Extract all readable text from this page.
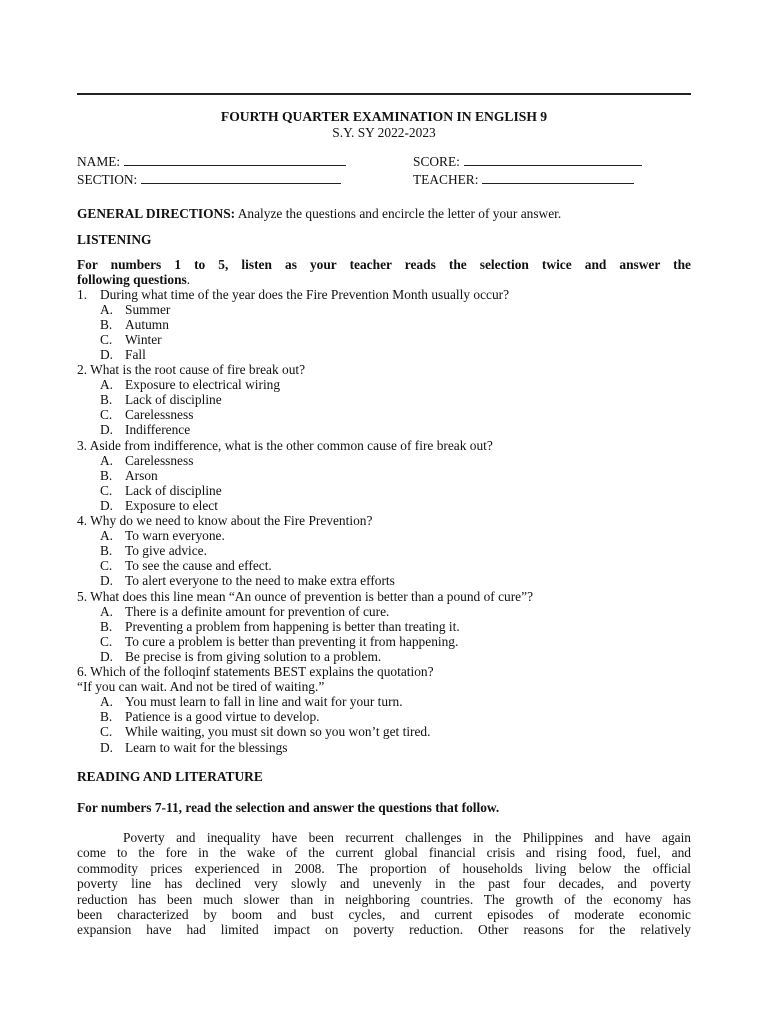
FOURTH QUARTER EXAMINATION IN ENGLISH 9
S.Y. SY 2022-2023
NAME:	SCORE:
SECTION:	TEACHER:
GENERAL DIRECTIONS: Analyze the questions and encircle the letter of your answer.
LISTENING
For numbers 1 to 5, listen as your teacher reads the selection twice and answer the
following questions.
1. During what time of the year does the Fire Prevention Month usually occur?
A. Summer
B. Autumn
C. Winter
D. Fall
2. What is the root cause of fire break out?
A. Exposure to electrical wiring
B. Lack of discipline
C. Carelessness
D. Indifference
3. Aside from indifference, what is the other common cause of fire break out?
A. Carelessness
B. Arson
C. Lack of discipline
D. Exposure to elect
4. Why do we need to know about the Fire Prevention?
A. To warn everyone.
B. To give advice.
C. To see the cause and effect.
D. To alert everyone to the need to make extra efforts
5. What does this line mean “An ounce of prevention is better than a pound of cure”?
A. There is a definite amount for prevention of cure.
B. Preventing a problem from happening is better than treating it.
C. To cure a problem is better than preventing it from happening.
D. Be precise is from giving solution to a problem.
6. Which of the folloqinf statements BEST explains the quotation?
“If you can wait. And not be tired of waiting.”
A. You must learn to fall in line and wait for your turn.
B. Patience is a good virtue to develop.
C. While waiting, you must sit down so you won’t get tired.
D. Learn to wait for the blessings
READING AND LITERATURE
For numbers 7-11, read the selection and answer the questions that follow.
Poverty and inequality have been recurrent challenges in the Philippines and have again
come to the fore in the wake of the current global financial crisis and rising food, fuel, and
commodity prices experienced in 2008. The proportion of households living below the official
poverty line has declined very slowly and unevenly in the past four decades, and poverty
reduction has been much slower than in neighboring countries. The growth of the economy has
been characterized by boom and bust cycles, and current episodes of moderate economic
expansion have had limited impact on poverty reduction. Other reasons for the relatively
